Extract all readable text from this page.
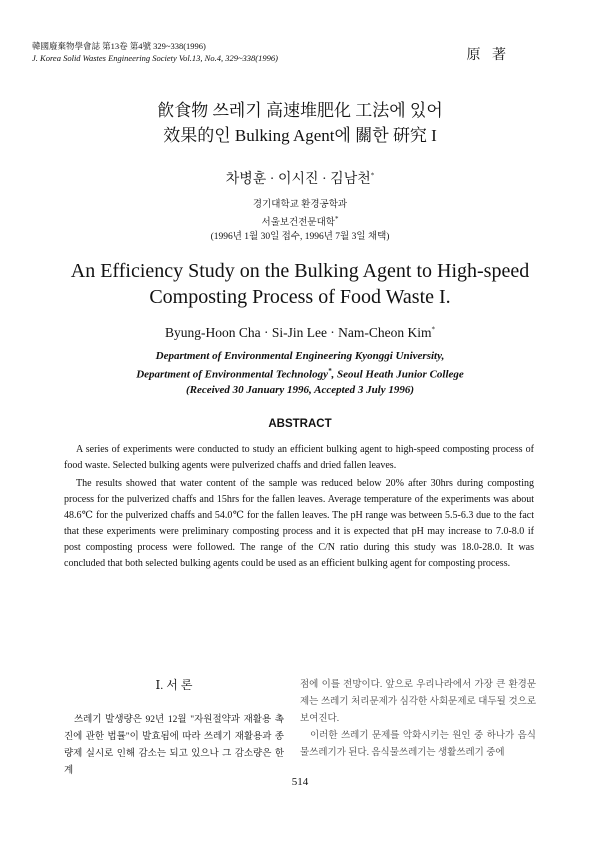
韓國廢棄物學會誌 第13卷 第4號 329~338(1996)
J. Korea Solid Wastes Engineering Society Vol.13, No.4, 329~338(1996)	原 著
飮食物 쓰레기 高速堆肥化 工法에 있어
效果的인 Bulking Agent에 關한 硏究 I
차병훈 · 이시진 · 김남천*
경기대학교 환경공학과
서울보건전문대학*
(1996년 1월 30일 접수, 1996년 7월 3일 채택)
An Efficiency Study on the Bulking Agent to High-speed
Composting Process of Food Waste I.
Byung-Hoon Cha · Si-Jin Lee · Nam-Cheon Kim*
Department of Environmental Engineering Kyonggi University,
Department of Environmental Technology*, Seoul Heath Junior College
(Received 30 January 1996, Accepted 3 July 1996)
ABSTRACT

A series of experiments were conducted to study an efficient bulking agent to high-speed composting process of food waste. Selected bulking agents were pulverized chaffs and dried fallen leaves.

The results showed that water content of the sample was reduced below 20% after 30hrs during composting process for the pulverized chaffs and 15hrs for the fallen leaves. Average temperature of the experiments was about 48.6℃ for the pulverized chaffs and 54.0℃ for the fallen leaves. The pH range was between 5.5-6.3 due to the fact that these experiments were preliminary composting process and it is expected that pH may increase to 7.0-8.0 if post composting process were followed. The range of the C/N ratio during this study was 18.0-28.0. It was concluded that both selected bulking agents could be used as an efficient bulking agent for composting process.

Ⅰ. 서 론

쓰레기 발생량은 92년 12월 "자원절약과 재활용 촉진에 관한 법률"이 발효됨에 따라 쓰레기 재활용과 종량제 실시로 인해 감소는 되고 있으나 그 감소량은 한계

점에 이를 전망이다. 앞으로 우리나라에서 가장 큰 환경문제는 쓰레기 처리문제가 심각한 사회문제로 대두될 것으로 보여진다.

이러한 쓰레기 문제를 악화시키는 원인 중 하나가 음식물쓰레기가 된다. 음식물쓰레기는 생활쓰레기 중에

514
